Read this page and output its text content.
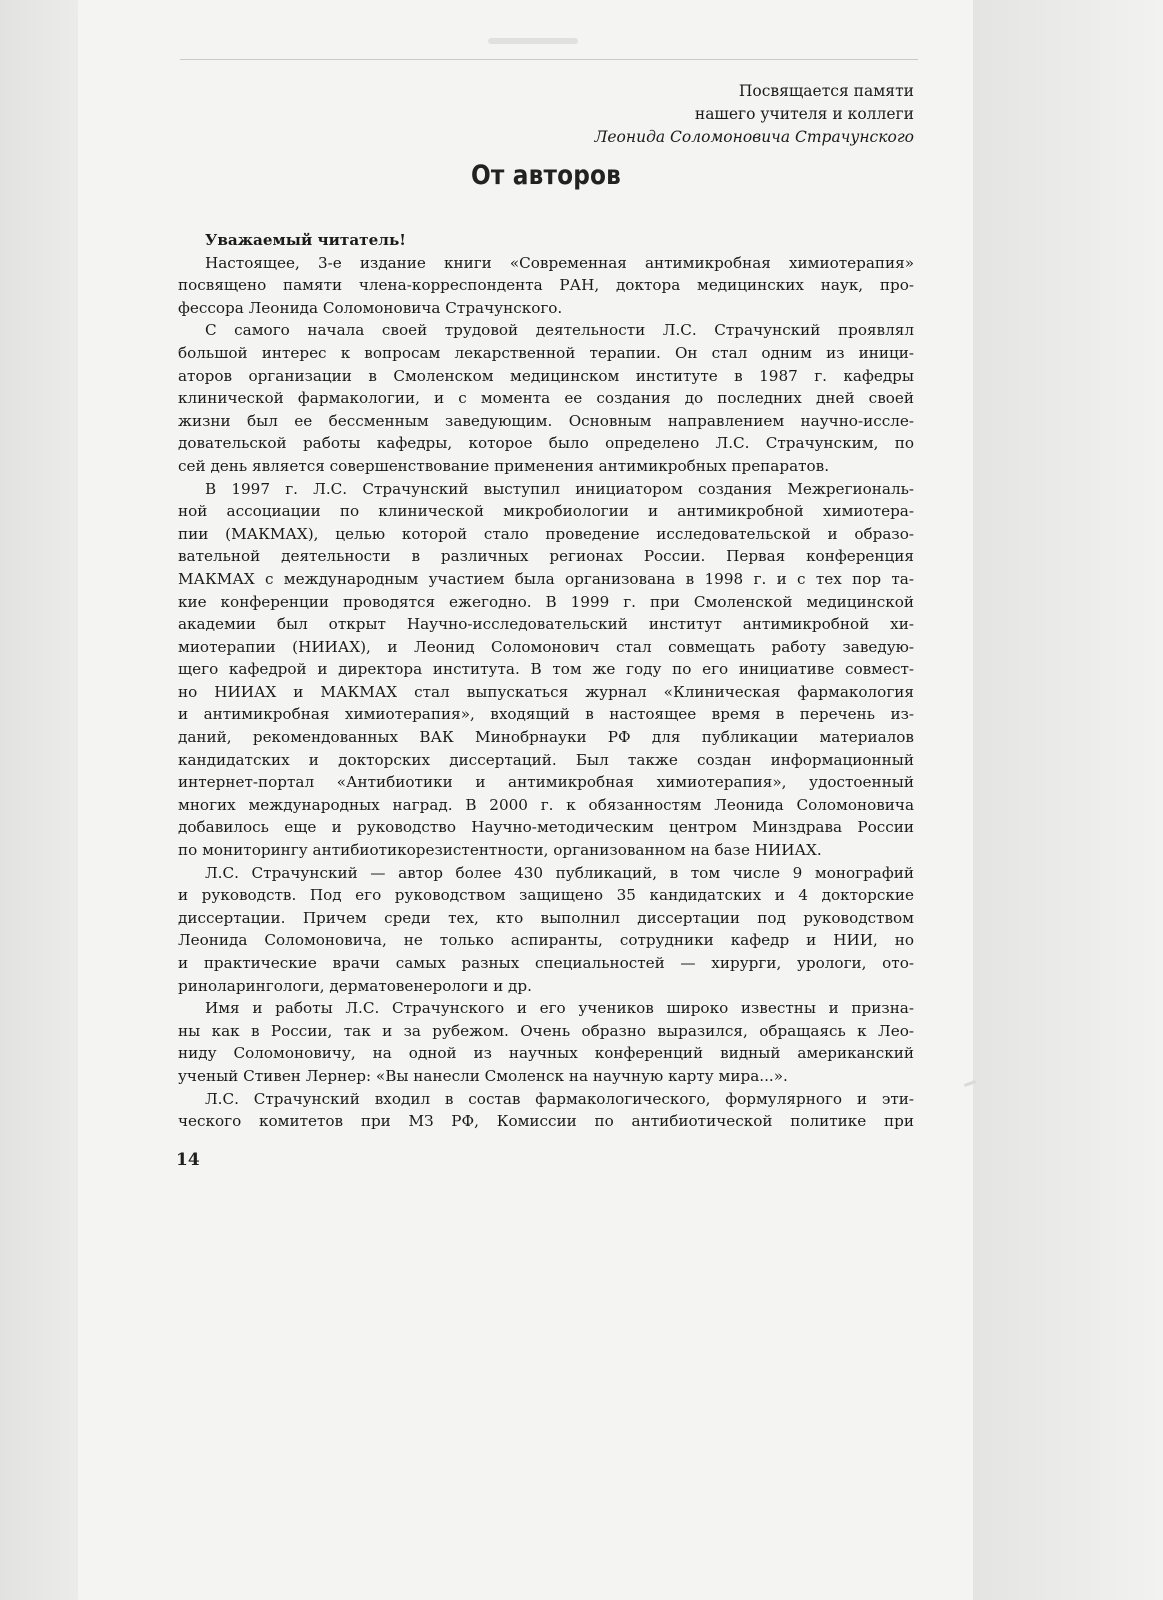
Посвящается памяти
нашего учителя и коллеги
Леонида Соломоновича Страчунского
От авторов
Уважаемый читатель!
Настоящее, 3-е издание книги «Современная антимикробная химиотерапия»
посвящено памяти члена-корреспондента РАН, доктора медицинских наук, про-
фессора Леонида Соломоновича Страчунского.
С самого начала своей трудовой деятельности Л.С. Страчунский проявлял
большой интерес к вопросам лекарственной терапии. Он стал одним из иници-
аторов организации в Смоленском медицинском институте в 1987 г. кафедры
клинической фармакологии, и с момента ее создания до последних дней своей
жизни был ее бессменным заведующим. Основным направлением научно-иссле-
довательской работы кафедры, которое было определено Л.С. Страчунским, по
сей день является совершенствование применения антимикробных препаратов.
В 1997 г. Л.С. Страчунский выступил инициатором создания Межрегиональ-
ной ассоциации по клинической микробиологии и антимикробной химиотера-
пии (МАКМАХ), целью которой стало проведение исследовательской и образо-
вательной деятельности в различных регионах России. Первая конференция
МАКМАХ с международным участием была организована в 1998 г. и с тех пор та-
кие конференции проводятся ежегодно. В 1999 г. при Смоленской медицинской
академии был открыт Научно-исследовательский институт антимикробной хи-
миотерапии (НИИАХ), и Леонид Соломонович стал совмещать работу заведую-
щего кафедрой и директора института. В том же году по его инициативе совмест-
но НИИАХ и МАКМАХ стал выпускаться журнал «Клиническая фармакология
и антимикробная химиотерапия», входящий в настоящее время в перечень из-
даний, рекомендованных ВАК Минобрнауки РФ для публикации материалов
кандидатских и докторских диссертаций. Был также создан информационный
интернет-портал «Антибиотики и антимикробная химиотерапия», удостоенный
многих международных наград. В 2000 г. к обязанностям Леонида Соломоновича
добавилось еще и руководство Научно-методическим центром Минздрава России
по мониторингу антибиотикорезистентности, организованном на базе НИИАХ.
Л.С. Страчунский — автор более 430 публикаций, в том числе 9 монографий
и руководств. Под его руководством защищено 35 кандидатских и 4 докторские
диссертации. Причем среди тех, кто выполнил диссертации под руководством
Леонида Соломоновича, не только аспиранты, сотрудники кафедр и НИИ, но
и практические врачи самых разных специальностей — хирурги, урологи, ото-
риноларингологи, дерматовенерологи и др.
Имя и работы Л.С. Страчунского и его учеников широко известны и призна-
ны как в России, так и за рубежом. Очень образно выразился, обращаясь к Лео-
ниду Соломоновичу, на одной из научных конференций видный американский
ученый Стивен Лернер: «Вы нанесли Смоленск на научную карту мира...».
Л.С. Страчунский входил в состав фармакологического, формулярного и эти-
ческого комитетов при МЗ РФ, Комиссии по антибиотической политике при
14
